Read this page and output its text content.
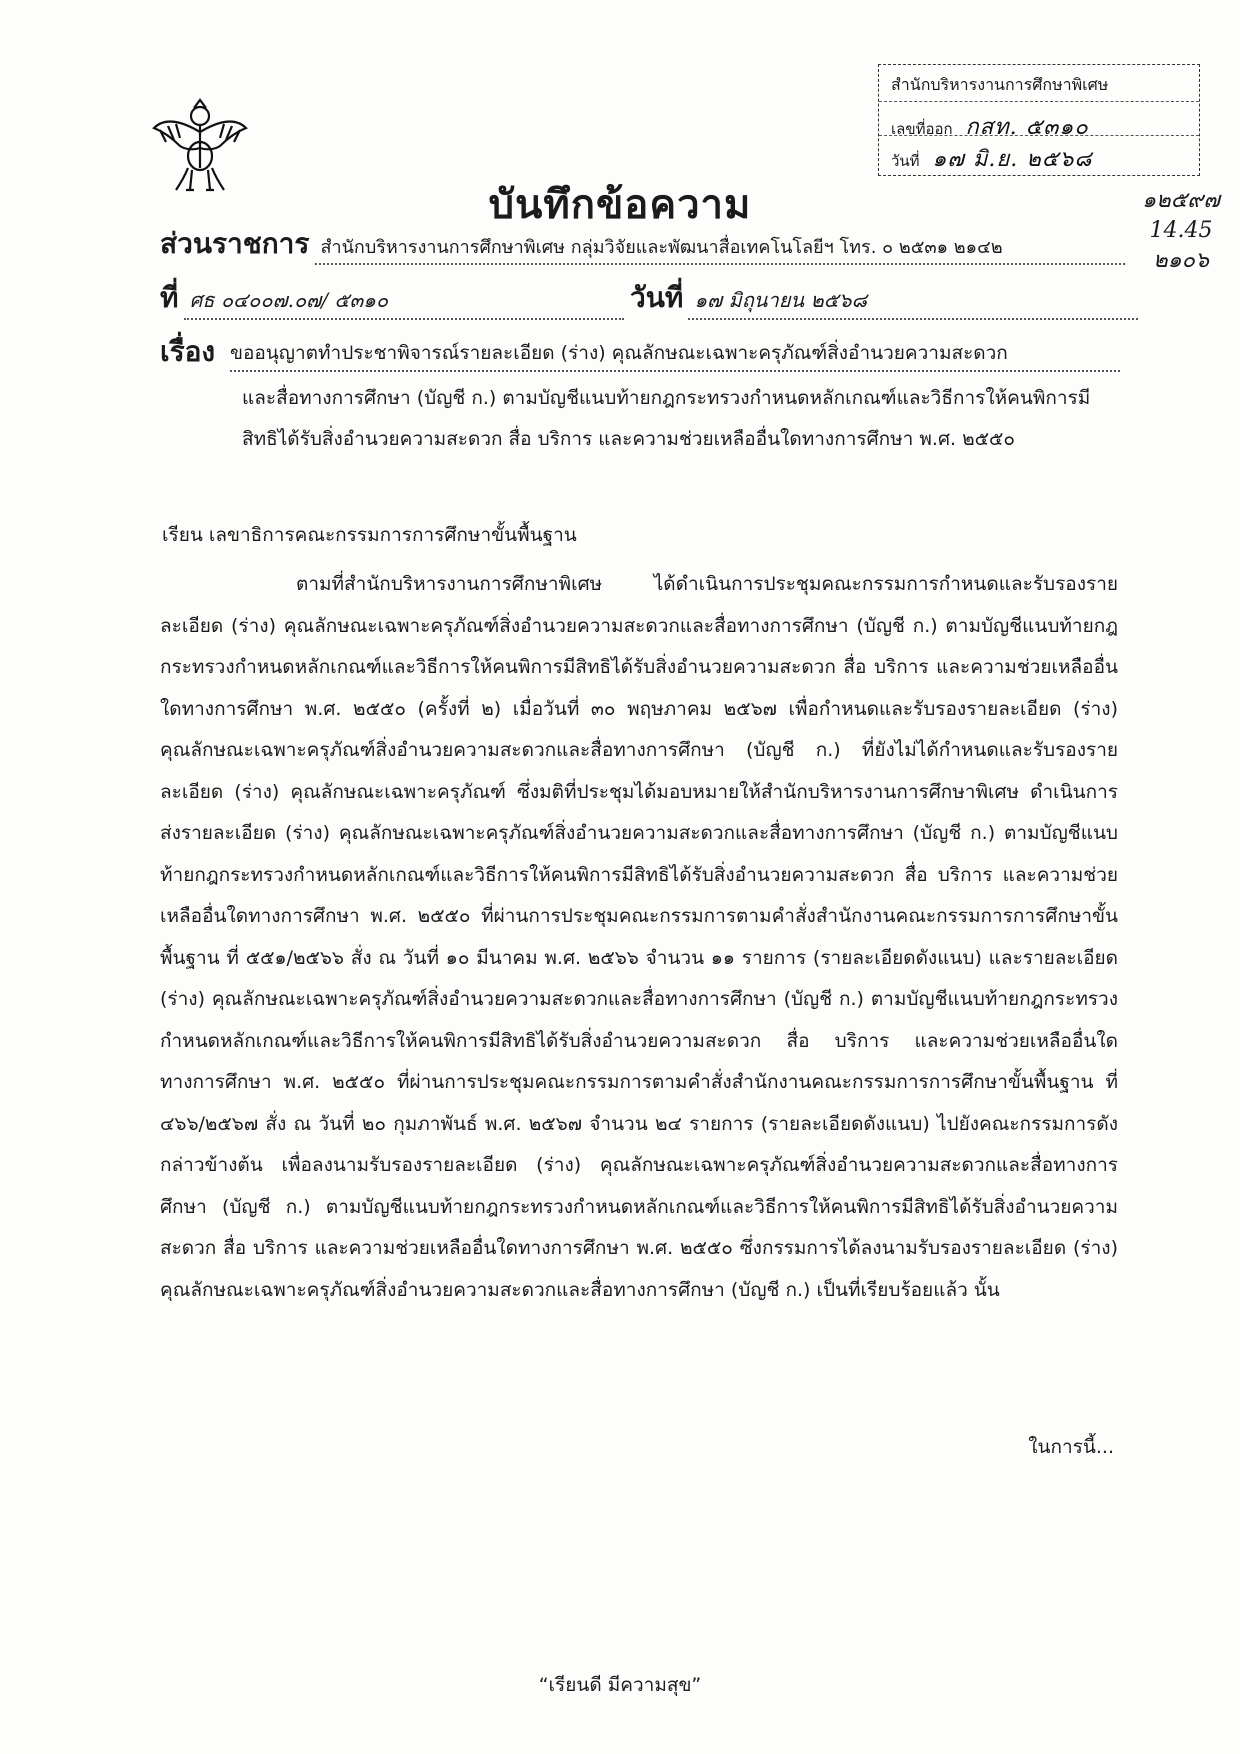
สำนักบริหารงานการศึกษาพิเศษ
เลขที่ออก กสท. ๕๓๑๐
วันที่ ๑๗ มิ.ย. ๒๕๖๘
๑๒๕๙๗
14.45
๒๑๐๖
บันทึกข้อความ
ส่วนราชการ สำนักบริหารงานการศึกษาพิเศษ กลุ่มวิจัยและพัฒนาสื่อเทคโนโลยีฯ โทร. ๐ ๒๕๓๑ ๒๑๔๒
ที่ ศธ ๐๔๐๐๗.๐๗/ ๕๓๑๐	วันที่ ๑๗ มิถุนายน ๒๕๖๘
เรื่อง ขออนุญาตทำประชาพิจารณ์รายละเอียด (ร่าง) คุณลักษณะเฉพาะครุภัณฑ์สิ่งอำนวยความสะดวก
และสื่อทางการศึกษา (บัญชี ก.) ตามบัญชีแนบท้ายกฎกระทรวงกำหนดหลักเกณฑ์และวิธีการให้คนพิการมีสิทธิได้รับสิ่งอำนวยความสะดวก สื่อ บริการ และความช่วยเหลืออื่นใดทางการศึกษา พ.ศ. ๒๕๕๐
เรียน เลขาธิการคณะกรรมการการศึกษาขั้นพื้นฐาน
ตามที่สำนักบริหารงานการศึกษาพิเศษ ได้ดำเนินการประชุมคณะกรรมการกำหนดและรับรองรายละเอียด (ร่าง) คุณลักษณะเฉพาะครุภัณฑ์สิ่งอำนวยความสะดวกและสื่อทางการศึกษา (บัญชี ก.) ตามบัญชีแนบท้ายกฎกระทรวงกำหนดหลักเกณฑ์และวิธีการให้คนพิการมีสิทธิได้รับสิ่งอำนวยความสะดวก สื่อ บริการ และความช่วยเหลืออื่นใดทางการศึกษา พ.ศ. ๒๕๕๐ (ครั้งที่ ๒) เมื่อวันที่ ๓๐ พฤษภาคม ๒๕๖๗ เพื่อกำหนดและรับรองรายละเอียด (ร่าง) คุณลักษณะเฉพาะครุภัณฑ์สิ่งอำนวยความสะดวกและสื่อทางการศึกษา (บัญชี ก.) ที่ยังไม่ได้กำหนดและรับรองรายละเอียด (ร่าง) คุณลักษณะเฉพาะครุภัณฑ์ ซึ่งมติที่ประชุมได้มอบหมายให้สำนักบริหารงานการศึกษาพิเศษ ดำเนินการส่งรายละเอียด (ร่าง) คุณลักษณะเฉพาะครุภัณฑ์สิ่งอำนวยความสะดวกและสื่อทางการศึกษา (บัญชี ก.) ตามบัญชีแนบท้ายกฎกระทรวงกำหนดหลักเกณฑ์และวิธีการให้คนพิการมีสิทธิได้รับสิ่งอำนวยความสะดวก สื่อ บริการ และความช่วยเหลืออื่นใดทางการศึกษา พ.ศ. ๒๕๕๐ ที่ผ่านการประชุมคณะกรรมการตามคำสั่งสำนักงานคณะกรรมการการศึกษาขั้นพื้นฐาน ที่ ๕๕๑/๒๕๖๖ สั่ง ณ วันที่ ๑๐ มีนาคม พ.ศ. ๒๕๖๖ จำนวน ๑๑ รายการ (รายละเอียดดังแนบ) และรายละเอียด (ร่าง) คุณลักษณะเฉพาะครุภัณฑ์สิ่งอำนวยความสะดวกและสื่อทางการศึกษา (บัญชี ก.) ตามบัญชีแนบท้ายกฎกระทรวงกำหนดหลักเกณฑ์และวิธีการให้คนพิการมีสิทธิได้รับสิ่งอำนวยความสะดวก สื่อ บริการ และความช่วยเหลืออื่นใดทางการศึกษา พ.ศ. ๒๕๕๐ ที่ผ่านการประชุมคณะกรรมการตามคำสั่งสำนักงานคณะกรรมการการศึกษาขั้นพื้นฐาน ที่ ๔๖๖/๒๕๖๗ สั่ง ณ วันที่ ๒๐ กุมภาพันธ์ พ.ศ. ๒๕๖๗ จำนวน ๒๔ รายการ (รายละเอียดดังแนบ) ไปยังคณะกรรมการดังกล่าวข้างต้น เพื่อลงนามรับรองรายละเอียด (ร่าง) คุณลักษณะเฉพาะครุภัณฑ์สิ่งอำนวยความสะดวกและสื่อทางการศึกษา (บัญชี ก.) ตามบัญชีแนบท้ายกฎกระทรวงกำหนดหลักเกณฑ์และวิธีการให้คนพิการมีสิทธิได้รับสิ่งอำนวยความสะดวก สื่อ บริการ และความช่วยเหลืออื่นใดทางการศึกษา พ.ศ. ๒๕๕๐ ซึ่งกรรมการได้ลงนามรับรองรายละเอียด (ร่าง) คุณลักษณะเฉพาะครุภัณฑ์สิ่งอำนวยความสะดวกและสื่อทางการศึกษา (บัญชี ก.) เป็นที่เรียบร้อยแล้ว นั้น
ในการนี้...
“เรียนดี มีความสุข”
